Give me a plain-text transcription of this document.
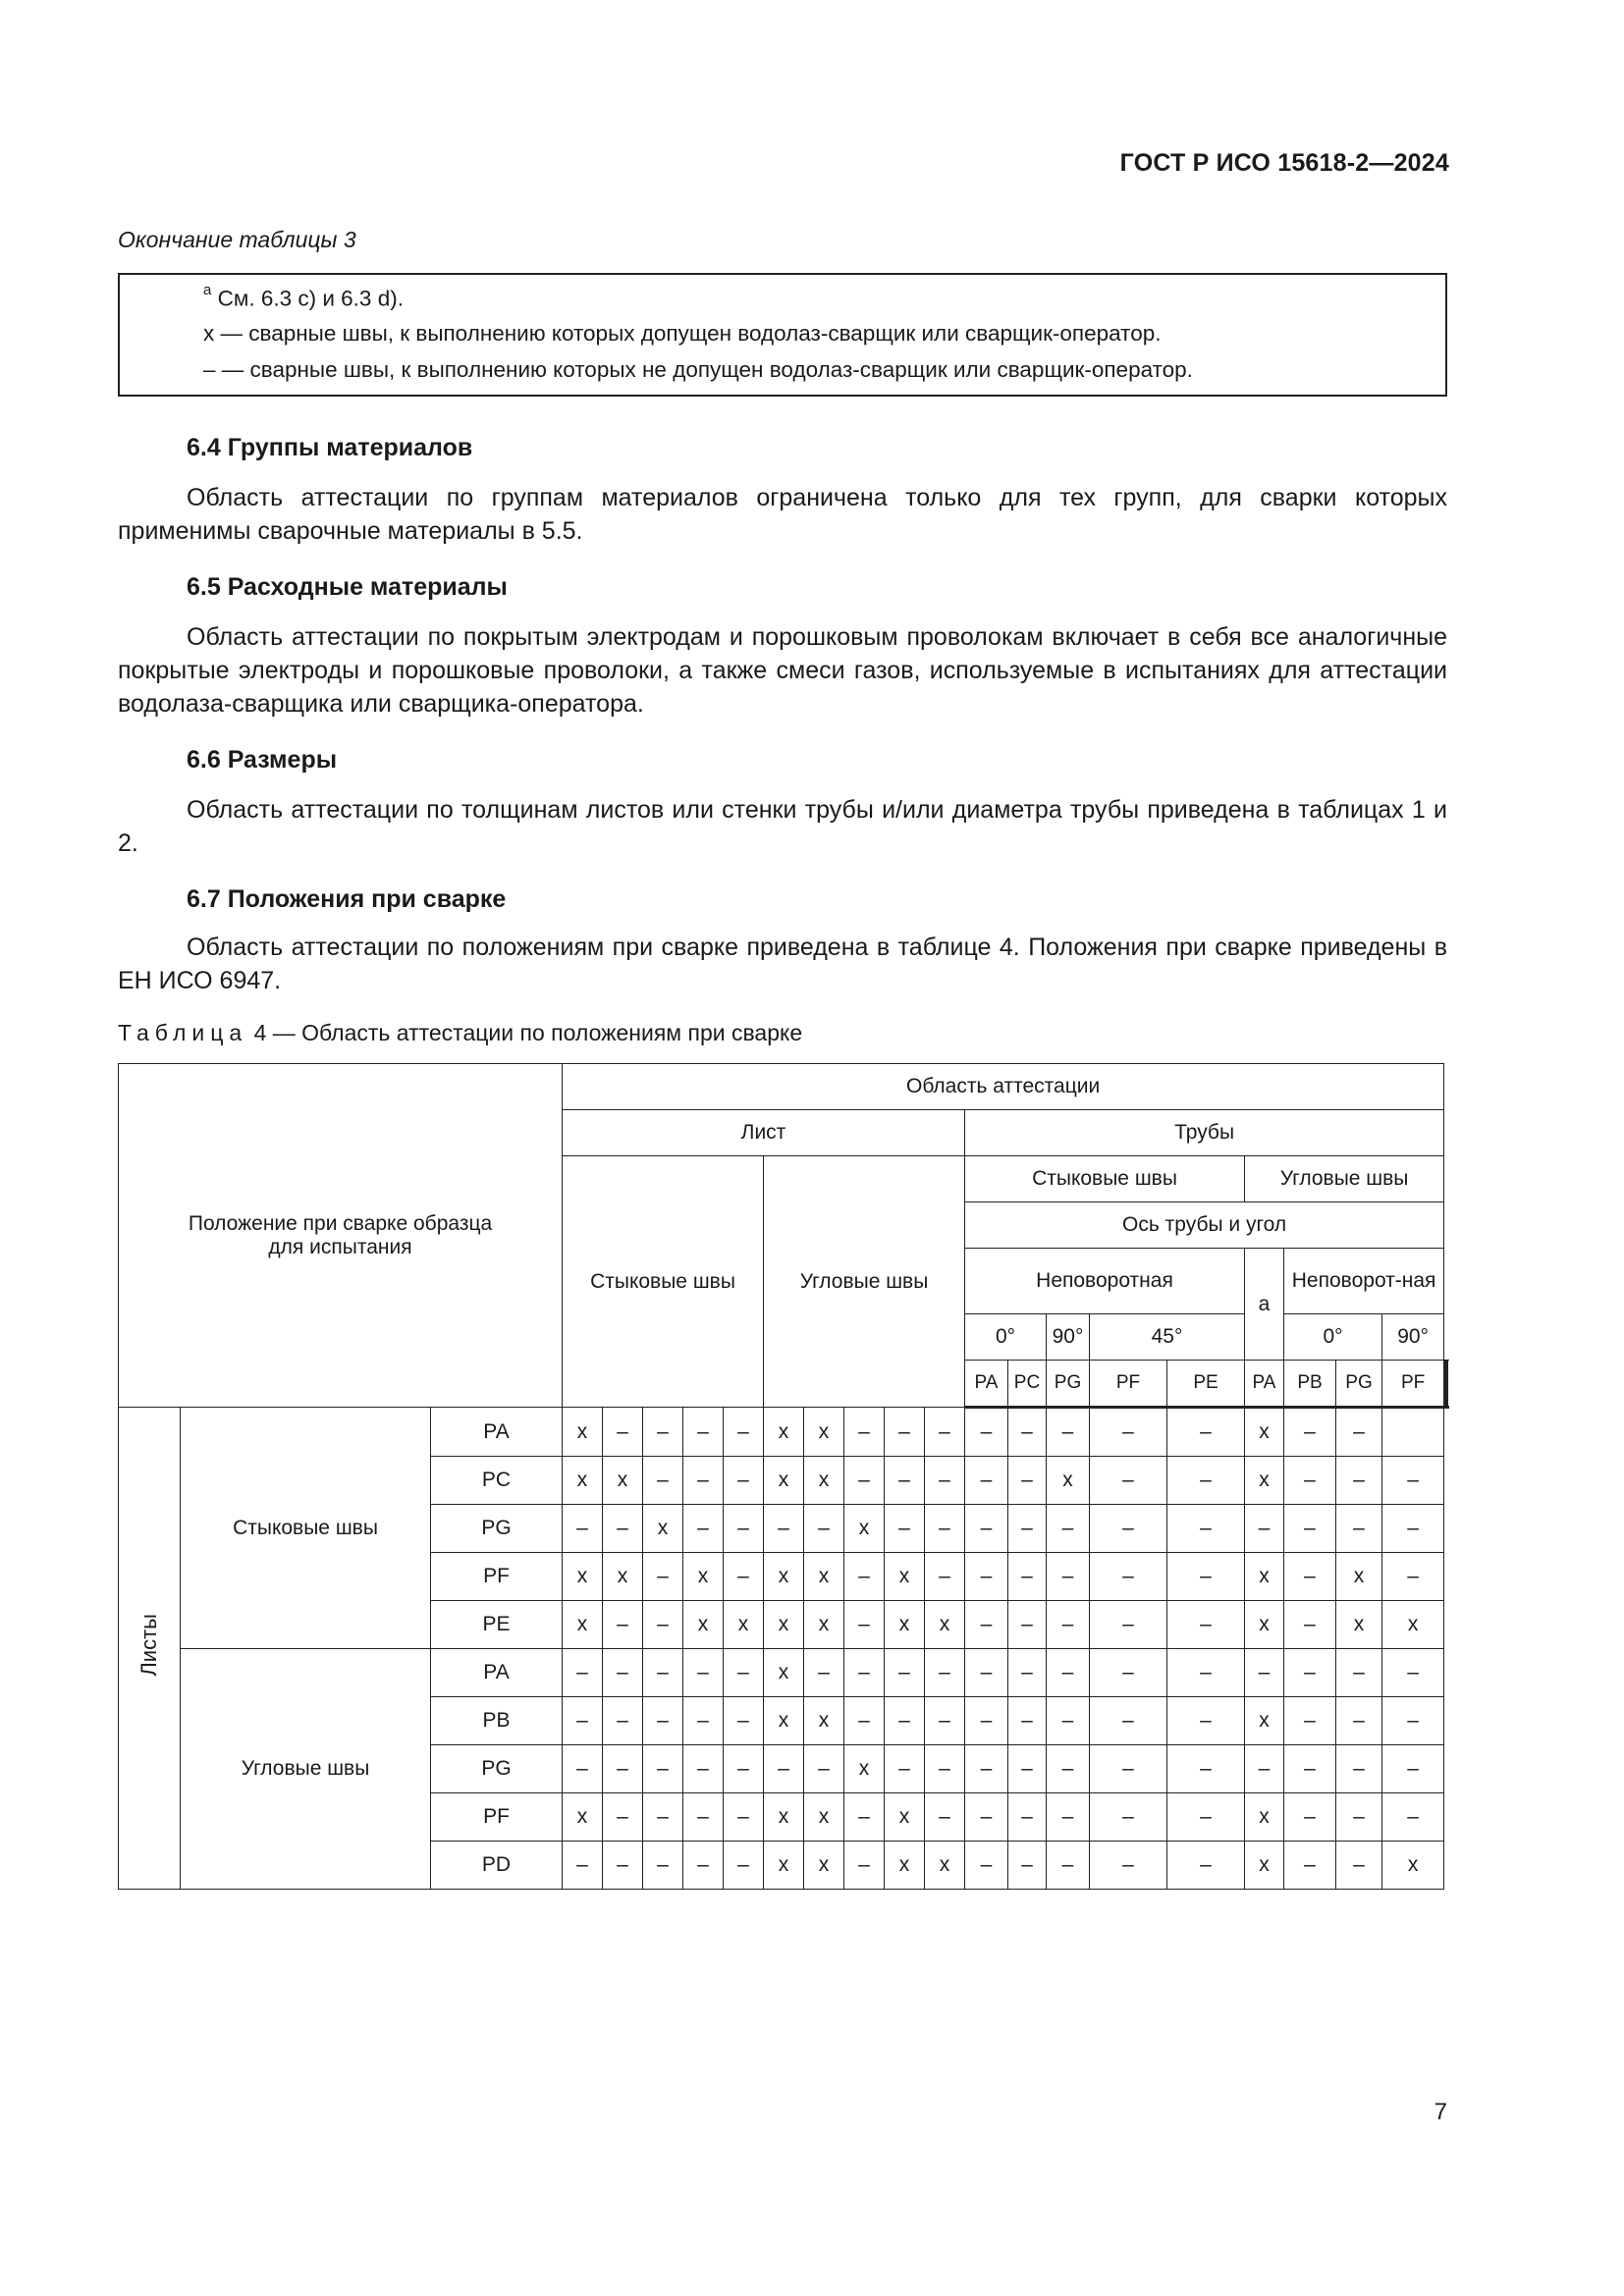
ГОСТ Р ИСО 15618-2—2024
Окончание таблицы 3
$^a$ См. 6.3 c) и 6.3 d).
x — сварные швы, к выполнению которых допущен водолаз-сварщик или сварщик-оператор.
– — сварные швы, к выполнению которых не допущен водолаз-сварщик или сварщик-оператор.
6.4 Группы материалов
Область аттестации по группам материалов ограничена только для тех групп, для сварки которых применимы сварочные материалы в 5.5.
6.5 Расходные материалы
Область аттестации по покрытым электродам и порошковым проволокам включает в себя все аналогичные покрытые электроды и порошковые проволоки, а также смеси газов, используемые в испытаниях для аттестации водолаза-сварщика или сварщика-оператора.
6.6 Размеры
Область аттестации по толщинам листов или стенки трубы и/или диаметра трубы приведена в таблицах 1 и 2.
6.7 Положения при сварке
Область аттестации по положениям при сварке приведена в таблице 4. Положения при сварке приведены в ЕН ИСО 6947.
Таблица 4 — Область аттестации по положениям при сварке
Положение при сварке образца для испытания			Область аттестации																					
			Лист										Трубы											
			Стыковые швы					Угловые швы					Стыковые швы					Угловые швы						
													Ось трубы и угол											
													Неповоротная					a	Неповорот-ная					
													0°		90°	45°			0°		90°			
													PA	PC	PG	PF	PE	PA	PB	PG	PF										
Листы	Стыковые швы	PA	x	–	–	–	–	x	x	–	–	–	–	–	–	–	–	x	–	–				
		PC	x	x	–	–	–	x	x	–	–	–	–	–	x	–	–	x	–	–	–			
		PG	–	–	x	–	–	–	–	x	–	–	–	–	–	–	–	–	–	–	–			
		PF	x	x	–	x	–	x	x	–	x	–	–	–	–	–	–	x	–	x	–			
		PE	x	–	–	x	x	x	x	–	x	x	–	–	–	–	–	x	–	x	x			
	Угловые швы	PA	–	–	–	–	–	x	–	–	–	–	–	–	–	–	–	–	–	–	–			
		PB	–	–	–	–	–	x	x	–	–	–	–	–	–	–	–	x	–	–	–			
		PG	–	–	–	–	–	–	–	x	–	–	–	–	–	–	–	–	–	–	–			
		PF	x	–	–	–	–	x	x	–	x	–	–	–	–	–	–	x	–	–	–			
		PD	–	–	–	–	–	x	x	–	x	x	–	–	–	–	–	x	–	–	x			
7
